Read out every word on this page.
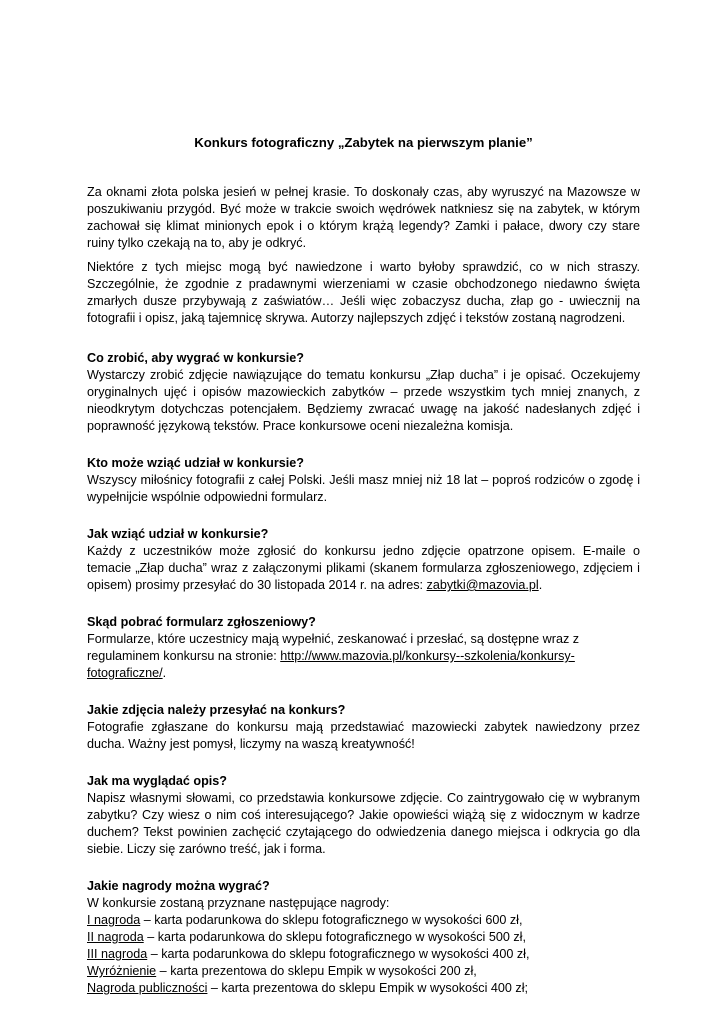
Konkurs fotograficzny „Zabytek na pierwszym planie”

Za oknami złota polska jesień w pełnej krasie. To doskonały czas, aby wyruszyć na Mazowsze w poszukiwaniu przygód. Być może w trakcie swoich wędrówek natkniesz się na zabytek, w którym zachował się klimat minionych epok i o którym krążą legendy? Zamki i pałace, dwory czy stare ruiny tylko czekają na to, aby je odkryć.

Niektóre z tych miejsc mogą być nawiedzone i warto byłoby sprawdzić, co w nich straszy. Szczególnie, że zgodnie z pradawnymi wierzeniami w czasie obchodzonego niedawno święta zmarłych dusze przybywają z zaświatów… Jeśli więc zobaczysz ducha, złap go - uwiecznij na fotografii i opisz, jaką tajemnicę skrywa. Autorzy najlepszych zdjęć i tekstów zostaną nagrodzeni.

Co zrobić, aby wygrać w konkursie?

Wystarczy zrobić zdjęcie nawiązujące do tematu konkursu „Złap ducha” i je opisać. Oczekujemy oryginalnych ujęć i opisów mazowieckich zabytków – przede wszystkim tych mniej znanych, z nieodkrytym dotychczas potencjałem. Będziemy zwracać uwagę na jakość nadesłanych zdjęć i poprawność językową tekstów. Prace konkursowe oceni niezależna komisja.

Kto może wziąć udział w konkursie?

Wszyscy miłośnicy fotografii z całej Polski. Jeśli masz mniej niż 18 lat – poproś rodziców o zgodę i wypełnijcie wspólnie odpowiedni formularz.

Jak wziąć udział w konkursie?

Każdy z uczestników może zgłosić do konkursu jedno zdjęcie opatrzone opisem. E-maile o temacie „Złap ducha” wraz z załączonymi plikami (skanem formularza zgłoszeniowego, zdjęciem i opisem) prosimy przesyłać do 30 listopada 2014 r. na adres: zabytki@mazovia.pl.

Skąd pobrać formularz zgłoszeniowy?

Formularze, które uczestnicy mają wypełnić, zeskanować i przesłać, są dostępne wraz z regulaminem konkursu na stronie: http://www.mazovia.pl/konkursy--szkolenia/konkursy-fotograficzne/.

Jakie zdjęcia należy przesyłać na konkurs?

Fotografie zgłaszane do konkursu mają przedstawiać mazowiecki zabytek nawiedzony przez ducha. Ważny jest pomysł, liczymy na waszą kreatywność!

Jak ma wyglądać opis?

Napisz własnymi słowami, co przedstawia konkursowe zdjęcie. Co zaintrygowało cię w wybranym zabytku? Czy wiesz o nim coś interesującego? Jakie opowieści wiążą się z widocznym w kadrze duchem? Tekst powinien zachęcić czytającego do odwiedzenia danego miejsca i odkrycia go dla siebie. Liczy się zarówno treść, jak i forma.

Jakie nagrody można wygrać?

W konkursie zostaną przyznane następujące nagrody:

I nagroda – karta podarunkowa do sklepu fotograficznego w wysokości 600 zł,

II nagroda – karta podarunkowa do sklepu fotograficznego w wysokości 500 zł,

III nagroda – karta podarunkowa do sklepu fotograficznego w wysokości 400 zł,

Wyróżnienie – karta prezentowa do sklepu Empik w wysokości 200 zł,

Nagroda publiczności – karta prezentowa do sklepu Empik w wysokości 400 zł;
